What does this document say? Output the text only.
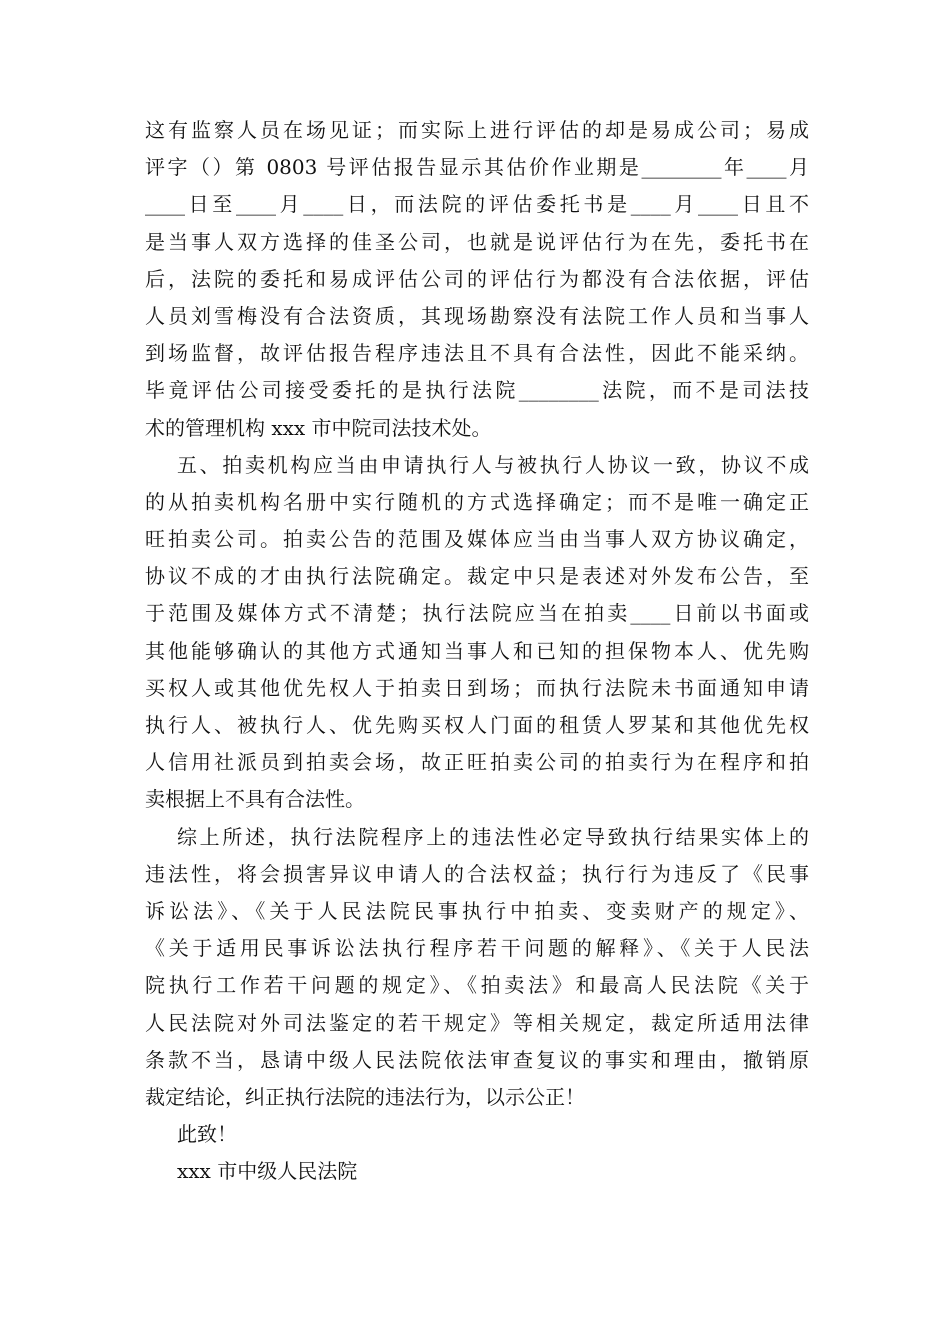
这有监察人员在场见证；而实际上进行评估的却是易成公司；易成
评字（）第 0803 号评估报告显示其估价作业期是________年____月
____日至____月____日，而法院的评估委托书是____月____日且不
是当事人双方选择的佳圣公司，也就是说评估行为在先，委托书在
后，法院的委托和易成评估公司的评估行为都没有合法依据，评估
人员刘雪梅没有合法资质，其现场勘察没有法院工作人员和当事人
到场监督，故评估报告程序违法且不具有合法性，因此不能采纳。
毕竟评估公司接受委托的是执行法院________法院，而不是司法技
术的管理机构 xxx 市中院司法技术处。
五、拍卖机构应当由申请执行人与被执行人协议一致，协议不成
的从拍卖机构名册中实行随机的方式选择确定；而不是唯一确定正
旺拍卖公司。拍卖公告的范围及媒体应当由当事人双方协议确定，
协议不成的才由执行法院确定。裁定中只是表述对外发布公告，至
于范围及媒体方式不清楚；执行法院应当在拍卖____日前以书面或
其他能够确认的其他方式通知当事人和已知的担保物本人、优先购
买权人或其他优先权人于拍卖日到场；而执行法院未书面通知申请
执行人、被执行人、优先购买权人门面的租赁人罗某和其他优先权
人信用社派员到拍卖会场，故正旺拍卖公司的拍卖行为在程序和拍
卖根据上不具有合法性。
综上所述，执行法院程序上的违法性必定导致执行结果实体上的
违法性，将会损害异议申请人的合法权益；执行行为违反了《民事
诉讼法》、《关于人民法院民事执行中拍卖、变卖财产的规定》、
《关于适用民事诉讼法执行程序若干问题的解释》、《关于人民法
院执行工作若干问题的规定》、《拍卖法》和最高人民法院《关于
人民法院对外司法鉴定的若干规定》等相关规定，裁定所适用法律
条款不当，恳请中级人民法院依法审查复议的事实和理由，撤销原
裁定结论，纠正执行法院的违法行为，以示公正！
此致！
xxx 市中级人民法院
